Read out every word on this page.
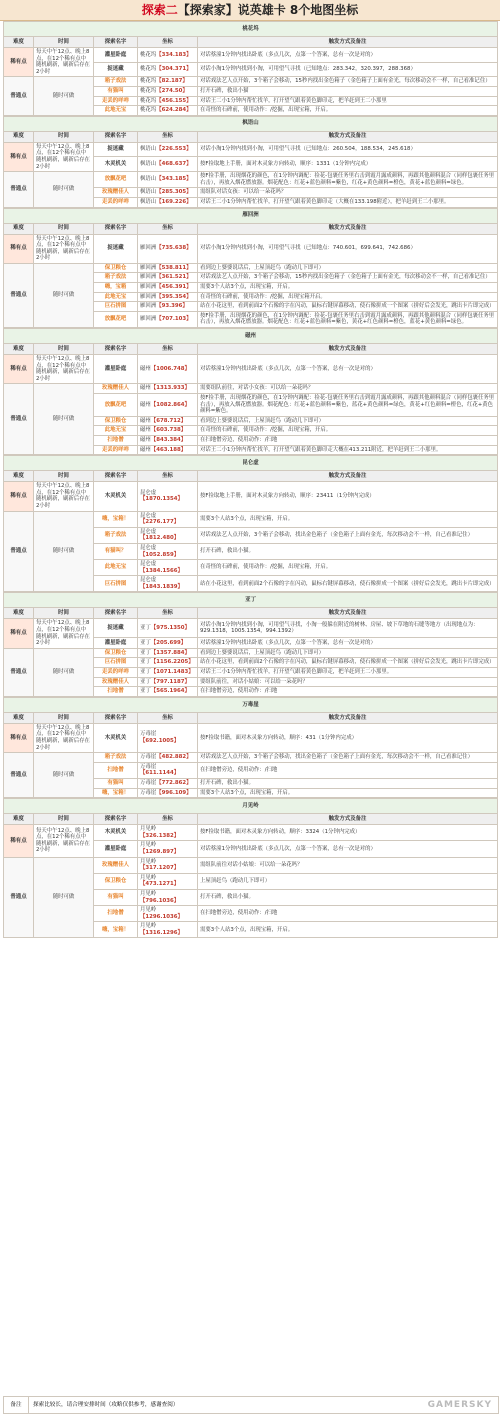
探索二【探索家】说英雄卡 8个地图坐标
桃花坞				
难度	时间	探索名字	坐标	触发方式及备注
稀有点	每天中午12点、晚上8点，在12个稀有点中随机刷新，刷新后存在2小时	灌星卧庭	桃花坞【334.183】	对话蔡潼1分钟内找出卧底（多点几次，点第一个答案，总有一次是对的）
		捉迷藏	桃花坞【304.371】	对话小淘1分钟内找到小淘，可用望气寻找（已知地点：283.342，320.397，288.368）
普通点	随时可做	箱子戏法	桃花坞【82.187】	对话戏法艺人点开始，3个箱子会移动，15秒内找出金色箱子（金色箱子上面有金光，每次移动会不一样，自己看准记住）
		有猫叫	桃花坞【274.50】	打开石碑，救出小猫
		走丢的咩咩	桃花坞【456.155】	对话王二小1分钟内帮忙找羊，打开望气跟着黄色脚印走，把羊赶到王二小那里
		此地无宝	桃花坞【624.284】	在奇怪的石碑前，使用动作：/挖掘，出现宝箱，开启。
枫语山				
难度	时间	探索名字	坐标	触发方式及备注
稀有点	每天中午12点、晚上8点，在12个稀有点中随机刷新，刷新后存在2小时	捉迷藏	枫语山【226.553】	对话小淘1分钟内找到小淘，可用望气寻找（已知地点：260.504，188.534，245.618）
		木灵机关	枫语山【468.637】	按F捡取地上手册，面对木灵象方向转动，顺序：1331（1分钟内完成）
普通点	随时可做	放飘花吧	枫语山【343.185】	按F捡手册，出现烟花的颜色，在1分钟内调配：捡花-包裹任务里右击到霞月露成颜料，再跟其他颜料混合（同样包裹任务里右击），再放入烟花燃放器。烟花配色：红花+蓝色颜料=紫色，红花+黄色颜料=橙色，黄花+蓝色颜料=绿色。
		玫瑰赠佳人	枫语山【285.305】	需组队对话女孩：可以给一朵花吗？
		走丢的咩咩	枫语山【169.226】	对话王二小1分钟内帮忙找羊，打开望气跟着黄色脚印走（大概在133.198附近），把羊赶到王二小那里。
雁回洲				
难度	时间	探索名字	坐标	触发方式及备注
稀有点	每天中午12点、晚上8点，在12个稀有点中随机刷新，刷新后存在2小时	捉迷藏	雁回洲【735.638】	对话小淘1分钟内找到小淘，可用望气寻找（已知地点：740.601，699.641，742.686）
普通点	随时可做	保卫粮仓	雁回洲【538.811】	看到边上婆婆说话后，上屋顶赶鸟（跑动几下即可）
		箱子戏法	雁回洲【361.521】	对话戏法艺人点开始，3个箱子会移动，15秒内找出金色箱子（金色箱子上面有金光，每次移动会不一样，自己看准记住）
		嗨，宝箱	雁回洲【456.391】	需要3个人站3个点，出现宝箱，开启。
		此地无宝	雁回洲【395.354】	在奇怪的石碑前，使用动作：/挖掘，出现宝箱开启。
		巨石拼图	雁回洲【93.396】	站在小花这里，看到前面2个石像的字在闪动，鼠标右键屏幕移动，使石像拼成一个图案（拼好后会发光，跳出卡片即完成）
		放飘花吧	雁回洲【707.103】	按F捡手册，出现烟花的颜色，在1分钟内调配：捡花-包裹任务里右击到霞月露成颜料，再跟其他颜料混合（同样包裹任务里右击），再放入烟花燃放器。烟花配色：红花+蓝色颜料=紫色，黄花+红色颜料=橙色，蓝花+黄色颜料=绿色。
磁州				
难度	时间	探索名字	坐标	触发方式及备注
稀有点	每天中午12点、晚上8点，在12个稀有点中随机刷新，刷新后存在2小时	灌星卧庭	磁州【1006.748】	对话蔡潼1分钟内找出卧底（多点几次，点第一个答案，总有一次是对的）
普通点	随时可做	玫瑰赠佳人	磁州【1313.933】	需要组队前往，对话小女孩：可以给一朵花吗？
		放飘花吧	磁州【1082.864】	按F捡手册，出现烟花的颜色，在1分钟内调配：捡花-包裹任务里右击到霞月露成颜料，再跟其他颜料混合（同样包裹任务里右击），再放入烟花燃放器。烟花配色：红花+蓝色颜料=紫色，蓝花+黄色颜料=绿色，黄花+红色颜料=橙色，红花+黄色颜料=紫色。
		保卫粮仓	磁州【678.712】	看到边上婆婆说话后，上屋顶赶鸟（跑动几下即可）
		此地无宝	磁州【603.738】	在奇怪的石碑前，使用动作：/挖掘，出现宝箱，开启。
		扫地僧	磁州【843.384】	在扫地僧旁边，使用动作：/扫地
		走丢的咩咩	磁州【463.188】	对话王二小1分钟内帮忙找羊，打开望气跟着黄色脚印走大概在413.211附近，把羊赶到王二小那里。
昆仑虚				
难度	时间	探索名字	坐标	触发方式及备注
稀有点	每天中午12点、晚上8点，在12个稀有点中随机刷新，刷新后存在2小时	木灵机关	昆仑虚【1870.1354】	按F捡取地上手册，面对木灵象方向转动，顺序：23411（1分钟内完成）
普通点	随时可做	嗨，宝箱！	昆仑虚【2276.177】	需要3个人站3个点，出现宝箱，开启。
		箱子戏法	昆仑虚【1812.480】	对话戏法艺人点开始，3个箱子会移动，找出金色箱子（金色箱子上面有金光，每次移动会不一样，自己看准记住）
		有猫叫？	昆仑虚【1052.859】	打开石碑，救出小猫。
		此地无宝	昆仑虚【1384.1566】	在奇怪的石碑前，使用动作：/挖掘，出现宝箱，开启。
		巨石拼图	昆仑虚【1843.1839】	站在小花这里，看到前面2个石像的字在闪动，鼠标右键屏幕移动，使石像拼成一个图案（拼好后会发光，跳出卡片即完成）
亚丁				
难度	时间	探索名字	坐标	触发方式及备注
稀有点	每天中午12点、晚上8点，在12个稀有点中随机刷新，刷新后存在2小时	捉迷藏	亚丁【975.1350】	对话小淘1分钟内找到小淘，可用望气寻找，小淘一般躲在附近的树林、房屋、坡下草地的石缝等地方（出现地点为：929.1318，1005.1354，994.1392）
		灌星卧庭	亚丁【205.699】	对话蔡潼1分钟内找出卧底（多点几次，点第一个答案，总有一次是对的）
普通点	随时可做	保卫粮仓	亚丁【1357.884】	看到边上婆婆说话后，上屋顶赶鸟（跑动几下即可）
		巨石拼图	亚丁【1156.2205】	站在小花这里，看到前面2个石像的字在闪动，鼠标右键屏幕移动，使石像拼成一个图案（拼好后会发光，跳出卡片即完成）
		走丢的咩咩	亚丁【1071.1483】	对话王二小1分钟内帮忙找羊，打开望气跟着黄色脚印走，把羊赶到王二小那里。
		玫瑰赠佳人	亚丁【797.1187】	要组队前往，对话小姑娘：可以给一朵花吗？
		扫地僧	亚丁【565.1964】	在扫地僧旁边，使用动作：/扫地
万毒崖				
难度	时间	探索名字	坐标	触发方式及备注
稀有点	每天中午12点、晚上8点，在12个稀有点中随机刷新，刷新后存在2小时	木灵机关	万毒崖【692.1005】	按F捡取书籍，面对木灵象方向转动，顺序：431（1分钟内完成）
普通点	随时可做	箱子戏法	万毒崖【482.882】	对话戏法艺人点开始，3个箱子会移动，找出金色箱子（金色箱子上面有金光，每次移动会不一样，自己看准记住）
		扫地僧	万毒崖【611.1144】	在扫地僧旁边，使用动作：/扫地
		有猫叫	万毒崖【772.862】	打开石碑，救出小猫。
		嗨，宝箱！	万毒崖【996.109】	需要3个人站3个点，出现宝箱，开启。
月见岭				
难度	时间	探索名字	坐标	触发方式及备注
稀有点	每天中午12点、晚上8点，在12个稀有点中随机刷新，刷新后存在2小时	木灵机关	月见岭【326.1382】	按F捡取书籍，面对木灵象方向转动，顺序：3324（1分钟内完成）
		灌星卧庭	月见岭【1269.897】	对话蔡潼1分钟内找出卧底（多点几次，点第一个答案，总有一次是对的）
普通点	随时可做	玫瑰赠佳人	月见岭【317.1207】	需组队前往对话小姑娘：可以给一朵花吗？
		保卫粮仓	月见岭【473.1271】	上屋顶赶鸟（跑动几下即可）
		有猫叫	月见岭【796.1036】	打开石碑，救出小猫。
		扫地僧	月见岭【1296.1036】	在扫地僧旁边，使用动作：/扫地
		嗨，宝箱！	月见岭【1316.1296】	需要3个人站3个点，出现宝箱，开启。
备注 探索比较长，请合理安排时间（攻略仅供参考，感谢查阅）	GAMERSKY
